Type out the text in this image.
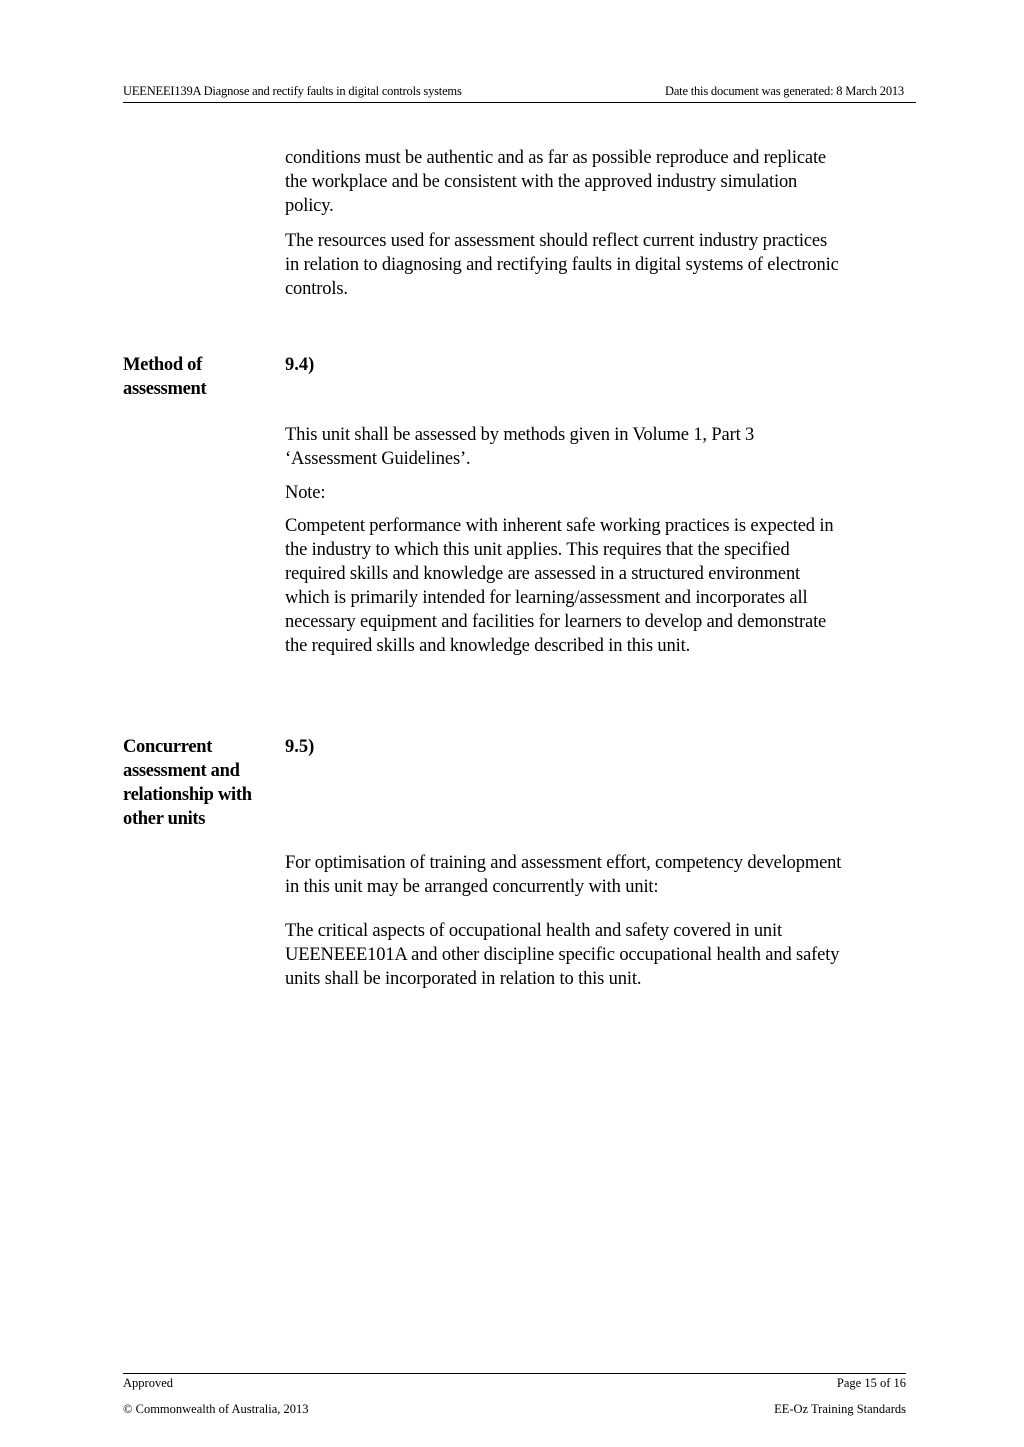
UEENEEI139A Diagnose and rectify faults in digital controls systems	Date this document was generated: 8 March 2013

conditions must be authentic and as far as possible reproduce and replicate the workplace and be consistent with the approved industry simulation policy.

The resources used for assessment should reflect current industry practices in relation to diagnosing and rectifying faults in digital systems of electronic controls.

Method of
assessment

9.4)

This unit shall be assessed by methods given in Volume 1, Part 3 ‘Assessment Guidelines’.

Note:

Competent performance with inherent safe working practices is expected in the industry to which this unit applies. This requires that the specified required skills and knowledge are assessed in a structured environment which is primarily intended for learning/assessment and incorporates all necessary equipment and facilities for learners to develop and demonstrate the required skills and knowledge described in this unit.

Concurrent
assessment and
relationship with
other units

9.5)

For optimisation of training and assessment effort, competency development in this unit may be arranged concurrently with unit:

The critical aspects of occupational health and safety covered in unit UEENEEE101A and other discipline specific occupational health and safety units shall be incorporated in relation to this unit.

Approved	Page 15 of 16
© Commonwealth of Australia, 2013	EE-Oz Training Standards
